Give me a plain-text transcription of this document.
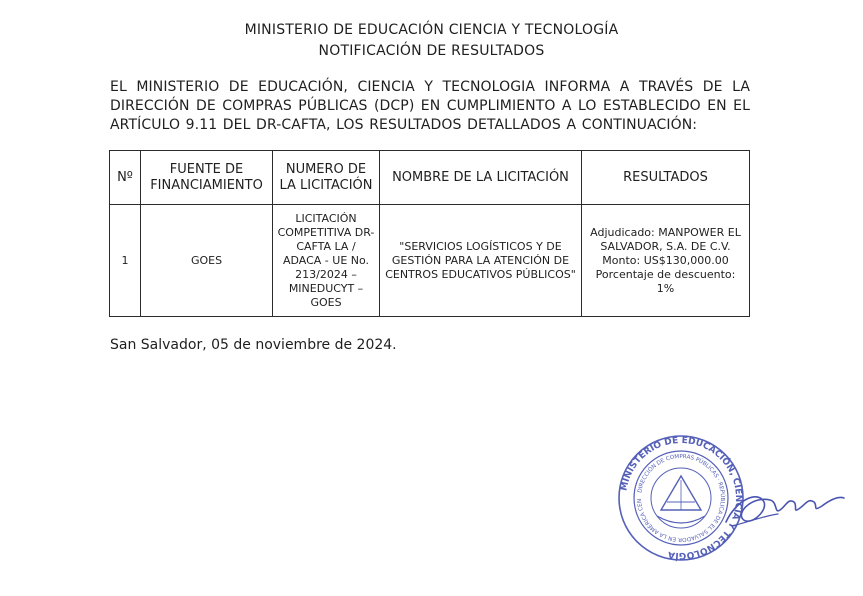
MINISTERIO DE EDUCACIÓN CIENCIA Y TECNOLOGÍA
NOTIFICACIÓN DE RESULTADOS
EL MINISTERIO DE EDUCACIÓN, CIENCIA Y TECNOLOGIA INFORMA A TRAVÉS DE LA DIRECCIÓN DE COMPRAS PÚBLICAS (DCP) EN CUMPLIMIENTO A LO ESTABLECIDO EN EL ARTÍCULO 9.11 DEL DR-CAFTA, LOS RESULTADOS DETALLADOS A CONTINUACIÓN:
Nº	FUENTE DE FINANCIAMIENTO	NUMERO DE LA LICITACIÓN	NOMBRE DE LA LICITACIÓN	RESULTADOS
1	GOES	LICITACIÓN COMPETITIVA DR-CAFTA LA / ADACA - UE No. 213/2024 – MINEDUCYT – GOES	"SERVICIOS LOGÍSTICOS Y DE GESTIÓN PARA LA ATENCIÓN DE CENTROS EDUCATIVOS PÚBLICOS"	Adjudicado: MANPOWER EL SALVADOR, S.A. DE C.V. Monto: US$130,000.00 Porcentaje de descuento: 1%
San Salvador, 05 de noviembre de 2024.
MINISTERIO DE EDUCACIÓN, CIENCIA Y TECNOLOGÍA
DIRECCIÓN DE COMPRAS PÚBLICAS · REPÚBLICA DE EL SALVADOR EN LA AMÉRICA CEN
